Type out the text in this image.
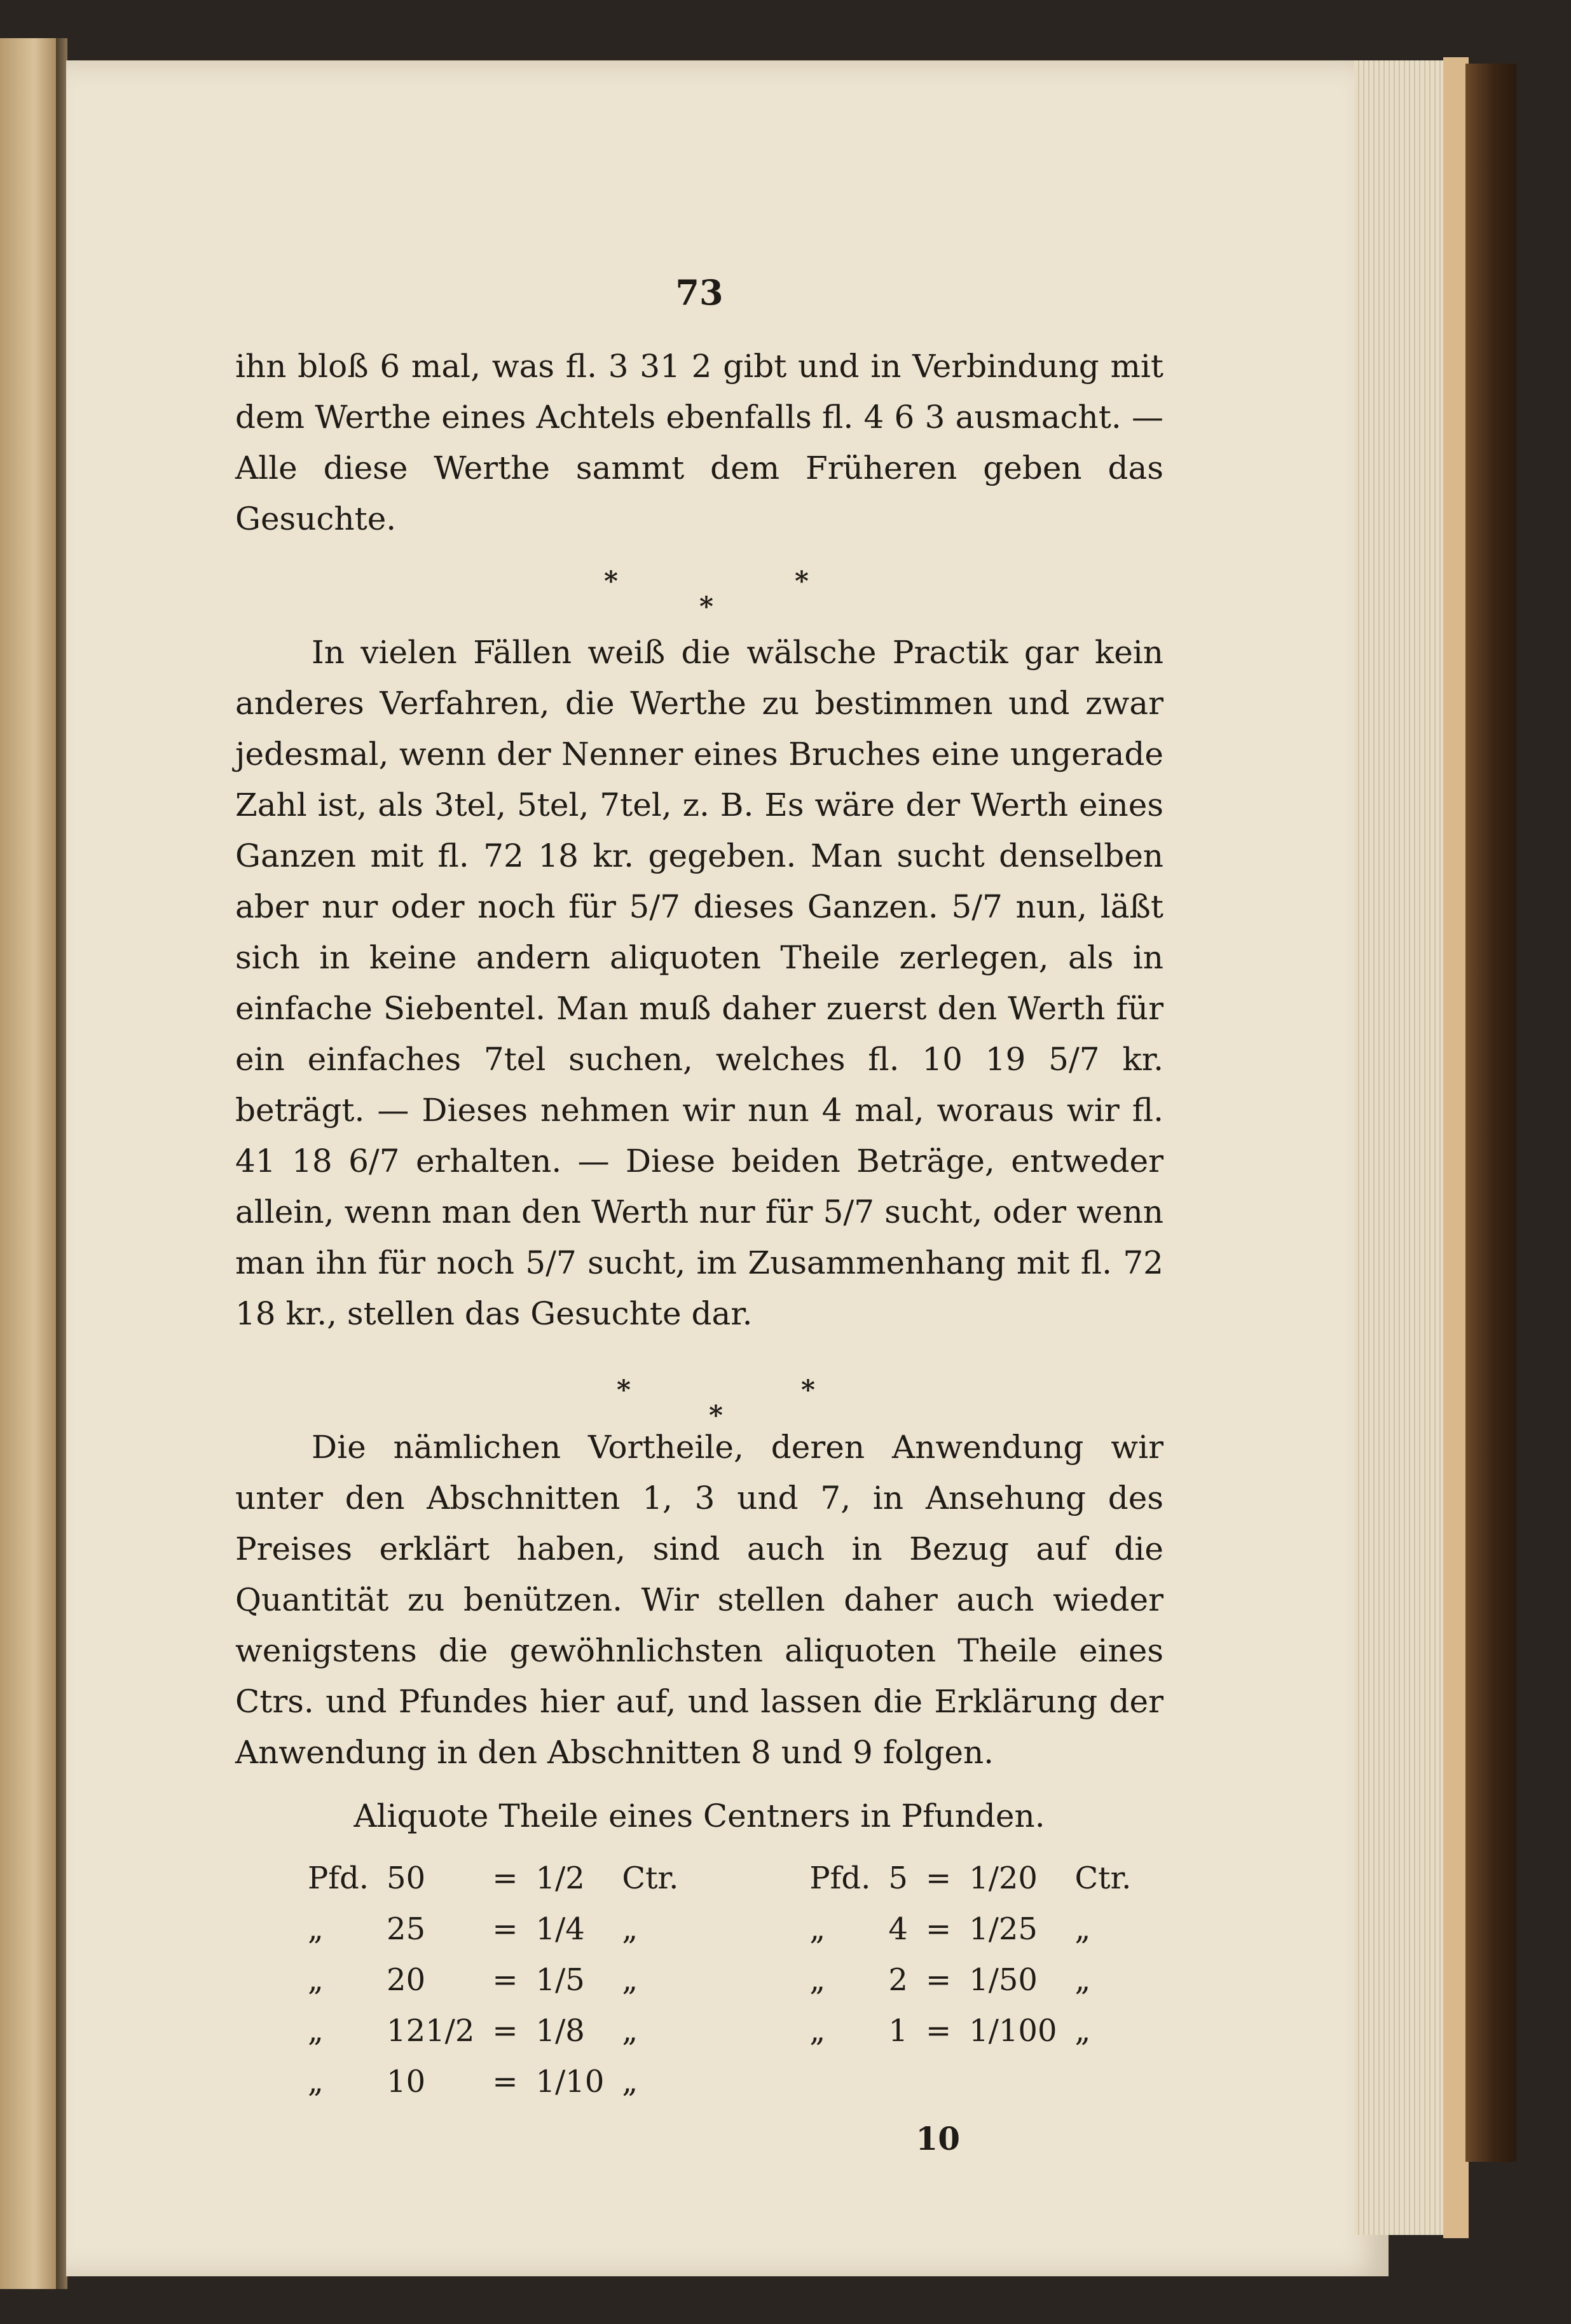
73

ihn bloß 6 mal, was fl. 3 31 2 gibt und in Verbindung mit dem Werthe eines Achtels ebenfalls fl. 4 6 3 ausmacht. — Alle diese Werthe sammt dem Früheren geben das Gesuchte.

*	*
*

In vielen Fällen weiß die wälsche Practik gar kein anderes Verfahren, die Werthe zu bestimmen und zwar jedesmal, wenn der Nenner eines Bruches eine ungerade Zahl ist, als 3tel, 5tel, 7tel, z. B. Es wäre der Werth eines Ganzen mit fl. 72 18 kr. gegeben. Man sucht denselben aber nur oder noch für 5/7 dieses Ganzen. 5/7 nun, läßt sich in keine andern aliquoten Theile zerlegen, als in einfache Siebentel. Man muß daher zuerst den Werth für ein einfaches 7tel suchen, welches fl. 10 19 5/7 kr. beträgt. — Dieses nehmen wir nun 4 mal, woraus wir fl. 41 18 6/7 erhalten. — Diese beiden Beträge, entweder allein, wenn man den Werth nur für 5/7 sucht, oder wenn man ihn für noch 5/7 sucht, im Zusammenhang mit fl. 72 18 kr., stellen das Gesuchte dar.

*	*
*

Die nämlichen Vortheile, deren Anwendung wir unter den Abschnitten 1, 3 und 7, in Ansehung des Preises erklärt haben, sind auch in Bezug auf die Quantität zu benützen. Wir stellen daher auch wieder wenigstens die gewöhnlichsten aliquoten Theile eines Ctrs. und Pfundes hier auf, und lassen die Erklärung der Anwendung in den Abschnitten 8 und 9 folgen.

Aliquote Theile eines Centners in Pfunden.
Pfd.	50	=	1/2	Ctr.		Pfd.	5	=	1/20	Ctr.
„	25	=	1/4	„		„	4	=	1/25	„
„	20	=	1/5	„		„	2	=	1/50	„
„	121/2	=	1/8	„		„	1	=	1/100	„
„	10	=	1/10	„						
10
